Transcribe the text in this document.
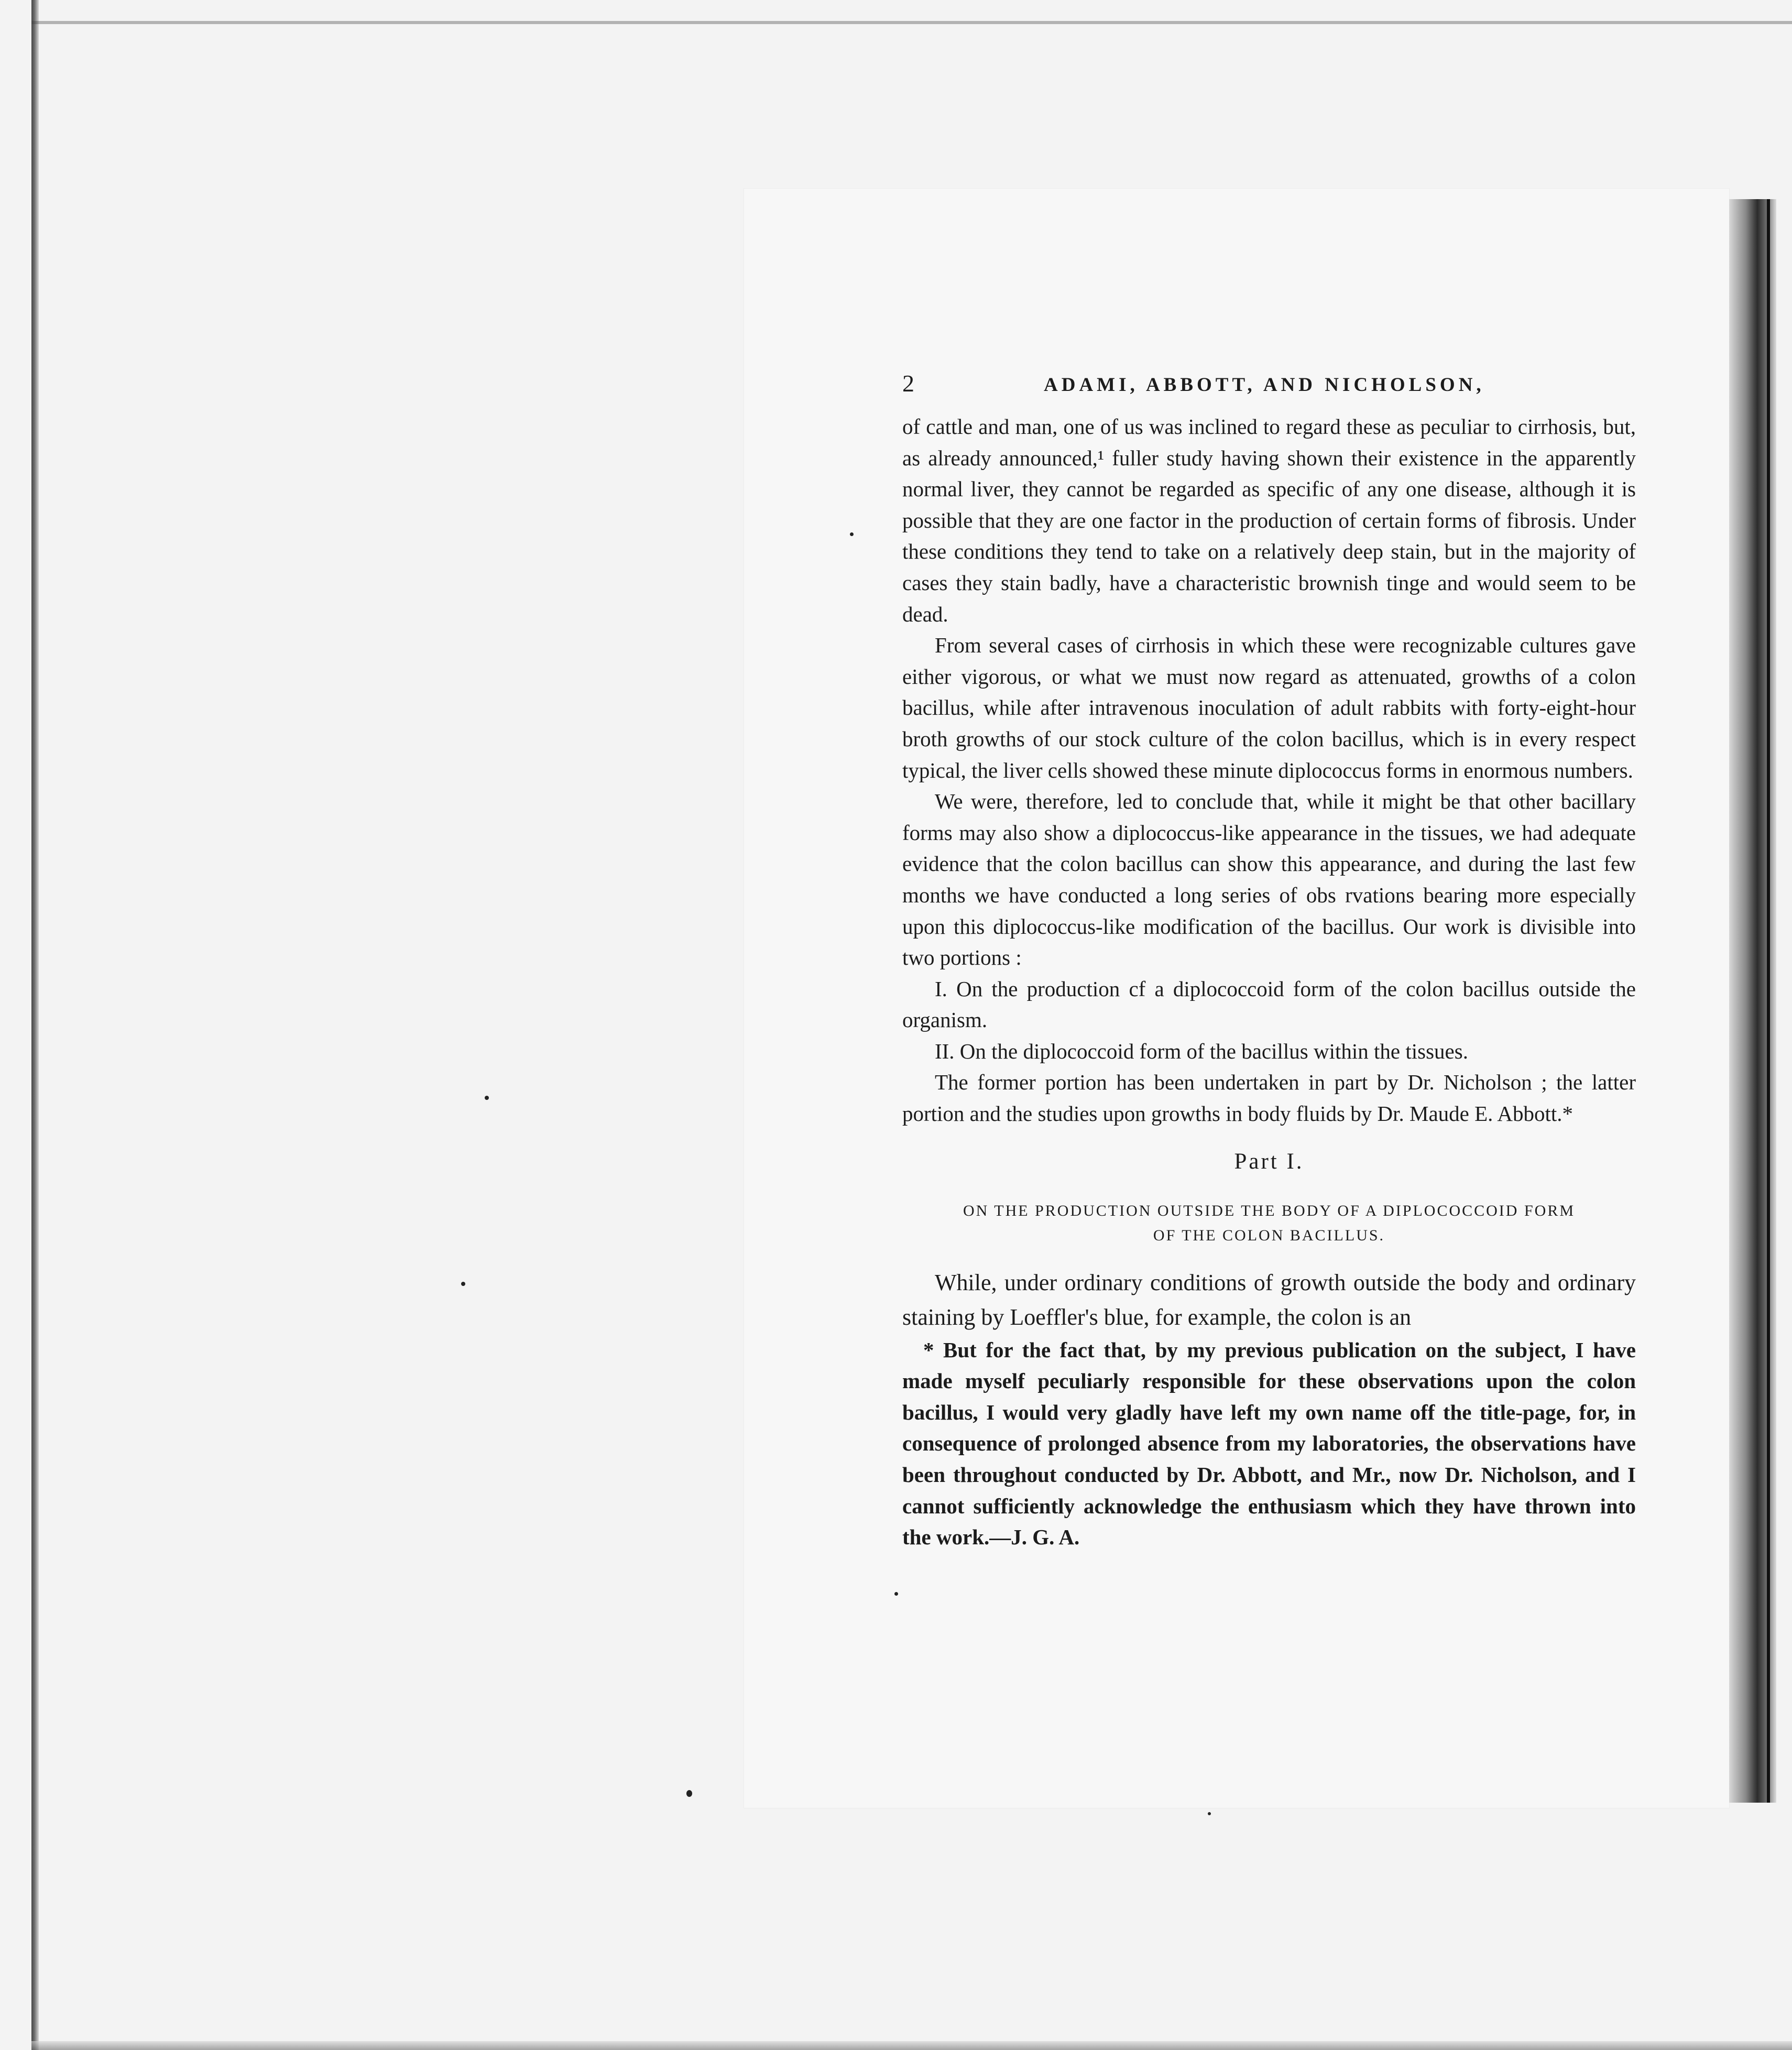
2	ADAMI, ABBOTT, AND NICHOLSON,

of cattle and man, one of us was inclined to regard these as peculiar to cirrhosis, but, as already announced,¹ fuller study having shown their existence in the apparently normal liver, they cannot be regarded as specific of any one disease, although it is possible that they are one factor in the production of certain forms of fibrosis. Under these conditions they tend to take on a relatively deep stain, but in the majority of cases they stain badly, have a characteristic brownish tinge and would seem to be dead.

From several cases of cirrhosis in which these were recognizable cultures gave either vigorous, or what we must now regard as attenuated, growths of a colon bacillus, while after intravenous inoculation of adult rabbits with forty-eight-hour broth growths of our stock culture of the colon bacillus, which is in every respect typical, the liver cells showed these minute diplococcus forms in enormous numbers.

We were, therefore, led to conclude that, while it might be that other bacillary forms may also show a diplococcus-like appearance in the tissues, we had adequate evidence that the colon bacillus can show this appearance, and during the last few months we have conducted a long series of obs rvations bearing more especially upon this diplococcus-like modification of the bacillus. Our work is divisible into two portions :

I. On the production cf a diplococcoid form of the colon bacillus outside the organism.

II. On the diplococcoid form of the bacillus within the tissues.

The former portion has been undertaken in part by Dr. Nicholson ; the latter portion and the studies upon growths in body fluids by Dr. Maude E. Abbott.*

Part I.
ON THE PRODUCTION OUTSIDE THE BODY OF A DIPLOCOCCOID FORM
OF THE COLON BACILLUS.

While, under ordinary conditions of growth outside the body and ordinary staining by Loeffler's blue, for example, the colon is an

* But for the fact that, by my previous publication on the subject, I have made myself peculiarly responsible for these observations upon the colon bacillus, I would very gladly have left my own name off the title-page, for, in consequence of prolonged absence from my laboratories, the observations have been throughout conducted by Dr. Abbott, and Mr., now Dr. Nicholson, and I cannot sufficiently acknowledge the enthusiasm which they have thrown into the work.—J. G. A.
